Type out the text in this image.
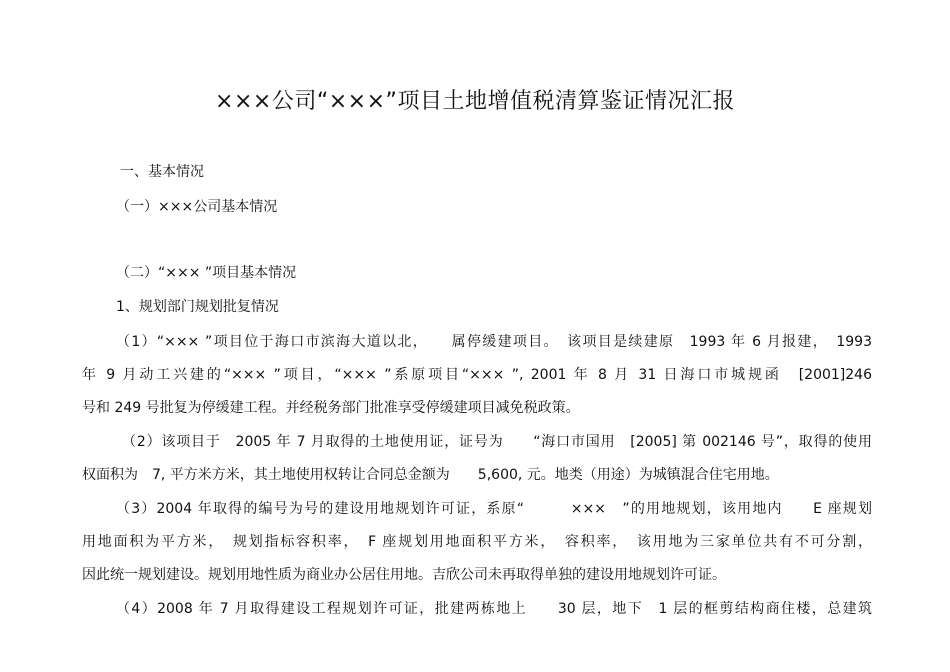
×××公司“×××”项目土地增值税清算鉴证情况汇报
一、基本情况
（一）×××公司基本情况
（二）“××× ”项目基本情况
1、规划部门规划批复情况
（1）“××× ”项目位于海口市滨海大道以北，　　属停缓建项目。　该项目是续建原　1993 年 6 月报建，　1993
年 9 月动工兴建的“××× ”项目，“××× ”系原项目“××× ”, 2001 年 8 月 31 日海口市城规函　[2001]246
号和 249 号批复为停缓建工程。并经税务部门批准享受停缓建项目减免税政策。
（2）该项目于　2005 年 7 月取得的土地使用证，证号为　　“海口市国用　[2005] 第 002146 号”，取得的使用
权面积为　7, 平方米方米，其土地使用权转让合同总金额为　　5,600, 元。地类（用途）为城镇混合住宅用地。
（3）2004 年取得的编号为号的建设用地规划许可证，系原“　　　×××　”的用地规划，该用地内　　E 座规划
用地面积为平方米，　规划指标容积率，　F 座规划用地面积平方米，　容积率，　该用地为三家单位共有不可分割，
因此统一规划建设。规划用地性质为商业办公居住用地。吉欣公司未再取得单独的建设用地规划许可证。
（4）2008 年 7 月取得建设工程规划许可证，批建两栋地上　　30 层，地下　1 层的框剪结构商住楼，总建筑
